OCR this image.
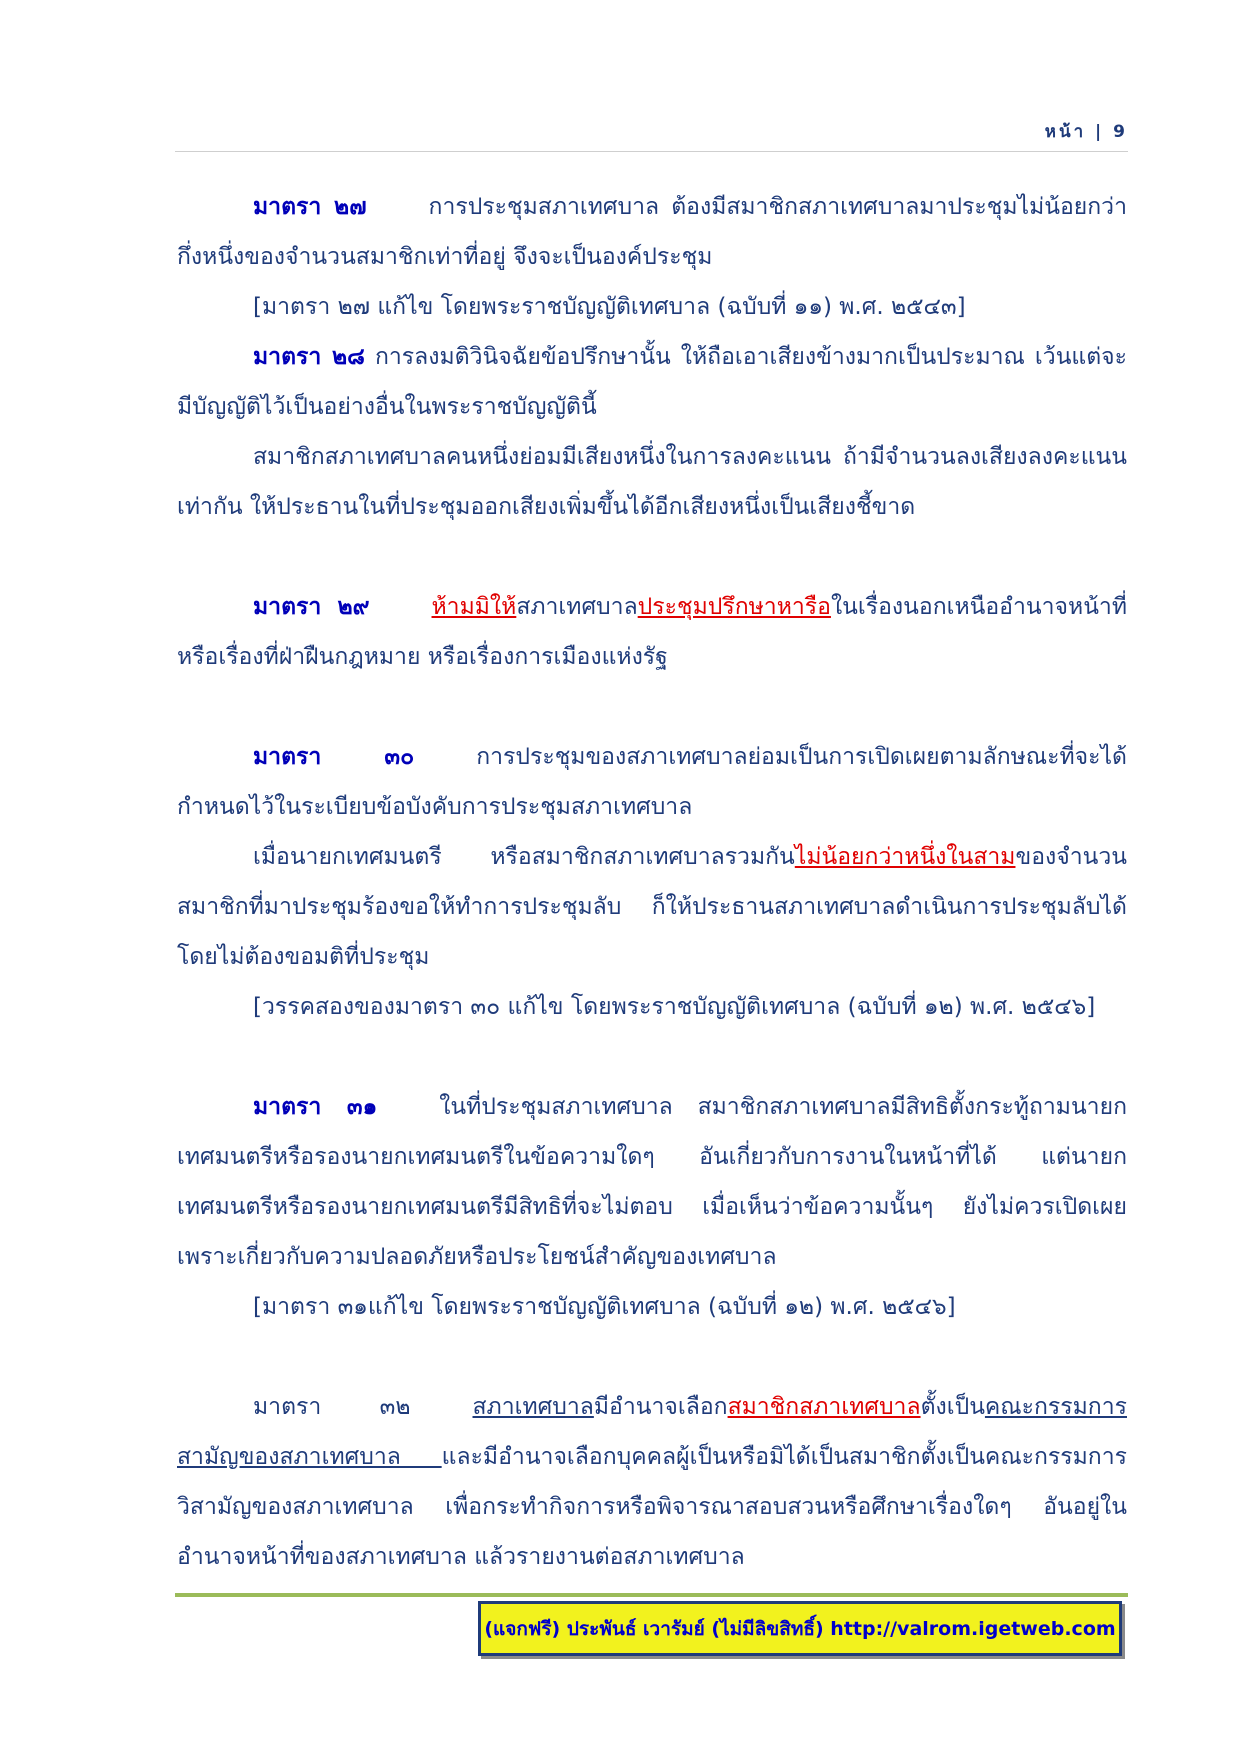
หน้า | 9

มาตรา ๒๗	การประชุมสภาเทศบาล ต้องมีสมาชิกสภาเทศบาลมาประชุมไม่น้อยกว่ากึ่งหนึ่งของจำนวนสมาชิกเท่าที่อยู่ จึงจะเป็นองค์ประชุม

[มาตรา ๒๗ แก้ไข โดยพระราชบัญญัติเทศบาล (ฉบับที่ ๑๑) พ.ศ. ๒๕๔๓]

มาตรา ๒๘ การลงมติวินิจฉัยข้อปรึกษานั้น ให้ถือเอาเสียงข้างมากเป็นประมาณ เว้นแต่จะมีบัญญัติไว้เป็นอย่างอื่นในพระราชบัญญัตินี้

สมาชิกสภาเทศบาลคนหนึ่งย่อมมีเสียงหนึ่งในการลงคะแนน ถ้ามีจำนวนลงเสียงลงคะแนนเท่ากัน ให้ประธานในที่ประชุมออกเสียงเพิ่มขึ้นได้อีกเสียงหนึ่งเป็นเสียงชี้ขาด

มาตรา ๒๙	ห้ามมิให้สภาเทศบาลประชุมปรึกษาหารือในเรื่องนอกเหนืออำนาจหน้าที่หรือเรื่องที่ฝ่าฝืนกฎหมาย หรือเรื่องการเมืองแห่งรัฐ

มาตรา ๓๐	การประชุมของสภาเทศบาลย่อมเป็นการเปิดเผยตามลักษณะที่จะได้กำหนดไว้ในระเบียบข้อบังคับการประชุมสภาเทศบาล

เมื่อนายกเทศมนตรี หรือสมาชิกสภาเทศบาลรวมกันไม่น้อยกว่าหนึ่งในสามของจำนวนสมาชิกที่มาประชุมร้องขอให้ทำการประชุมลับ ก็ให้ประธานสภาเทศบาลดำเนินการประชุมลับได้โดยไม่ต้องขอมติที่ประชุม

[วรรคสองของมาตรา ๓๐ แก้ไข โดยพระราชบัญญัติเทศบาล (ฉบับที่ ๑๒) พ.ศ. ๒๕๔๖]

มาตรา ๓๑	ในที่ประชุมสภาเทศบาล สมาชิกสภาเทศบาลมีสิทธิตั้งกระทู้ถามนายกเทศมนตรีหรือรองนายกเทศมนตรีในข้อความใดๆ อันเกี่ยวกับการงานในหน้าที่ได้ แต่นายกเทศมนตรีหรือรองนายกเทศมนตรีมีสิทธิที่จะไม่ตอบ เมื่อเห็นว่าข้อความนั้นๆ ยังไม่ควรเปิดเผยเพราะเกี่ยวกับความปลอดภัยหรือประโยชน์สำคัญของเทศบาล

[มาตรา ๓๑แก้ไข โดยพระราชบัญญัติเทศบาล (ฉบับที่ ๑๒) พ.ศ. ๒๕๔๖]

มาตรา ๓๒	สภาเทศบาลมีอำนาจเลือกสมาชิกสภาเทศบาลตั้งเป็นคณะกรรมการสามัญของสภาเทศบาล และมีอำนาจเลือกบุคคลผู้เป็นหรือมิได้เป็นสมาชิกตั้งเป็นคณะกรรมการวิสามัญของสภาเทศบาล เพื่อกระทำกิจการหรือพิจารณาสอบสวนหรือศึกษาเรื่องใดๆ อันอยู่ในอำนาจหน้าที่ของสภาเทศบาล แล้วรายงานต่อสภาเทศบาล

(แจกฟรี) ประพันธ์ เวารัมย์ (ไม่มีลิขสิทธิ์) http://valrom.igetweb.com
